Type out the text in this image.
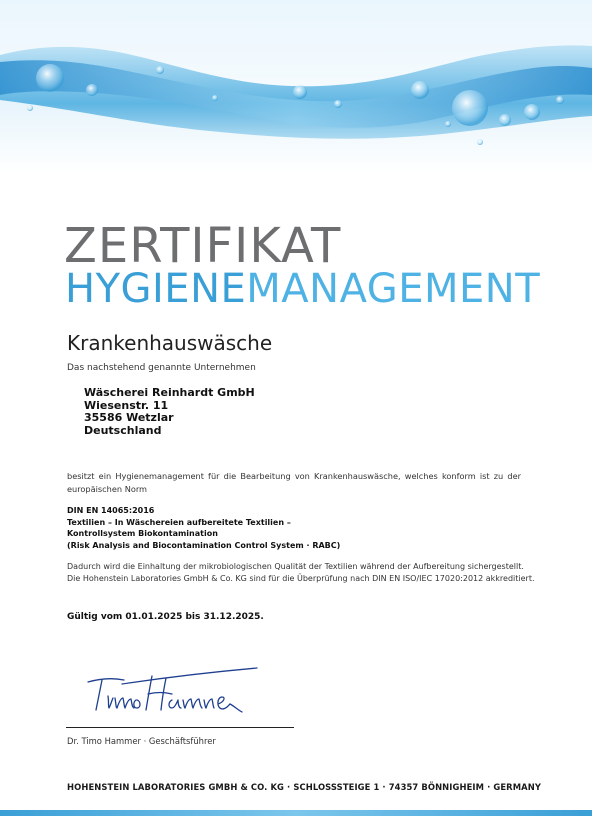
ZERTIFIKAT
HYGIENEMANAGEMENT
Krankenhauswäsche
Das nachstehend genannte Unternehmen
Wäscherei Reinhardt GmbH
Wiesenstr. 11
35586 Wetzlar
Deutschland
besitzt ein Hygienemanagement für die Bearbeitung von Krankenhauswäsche, welches konform ist zu der europäischen Norm
DIN EN 14065:2016
Textilien – In Wäschereien aufbereitete Textilien –
Kontrollsystem Biokontamination
(Risk Analysis and Biocontamination Control System · RABC)
Dadurch wird die Einhaltung der mikrobiologischen Qualität der Textilien während der Aufbereitung sichergestellt.
Die Hohenstein Laboratories GmbH & Co. KG sind für die Überprüfung nach DIN EN ISO/IEC 17020:2012 akkreditiert.
Gültig vom 01.01.2025 bis 31.12.2025.
Dr. Timo Hammer · Geschäftsführer
HOHENSTEIN LABORATORIES GMBH & CO. KG · SCHLOSSSTEIGE 1 · 74357 BÖNNIGHEIM · GERMANY
